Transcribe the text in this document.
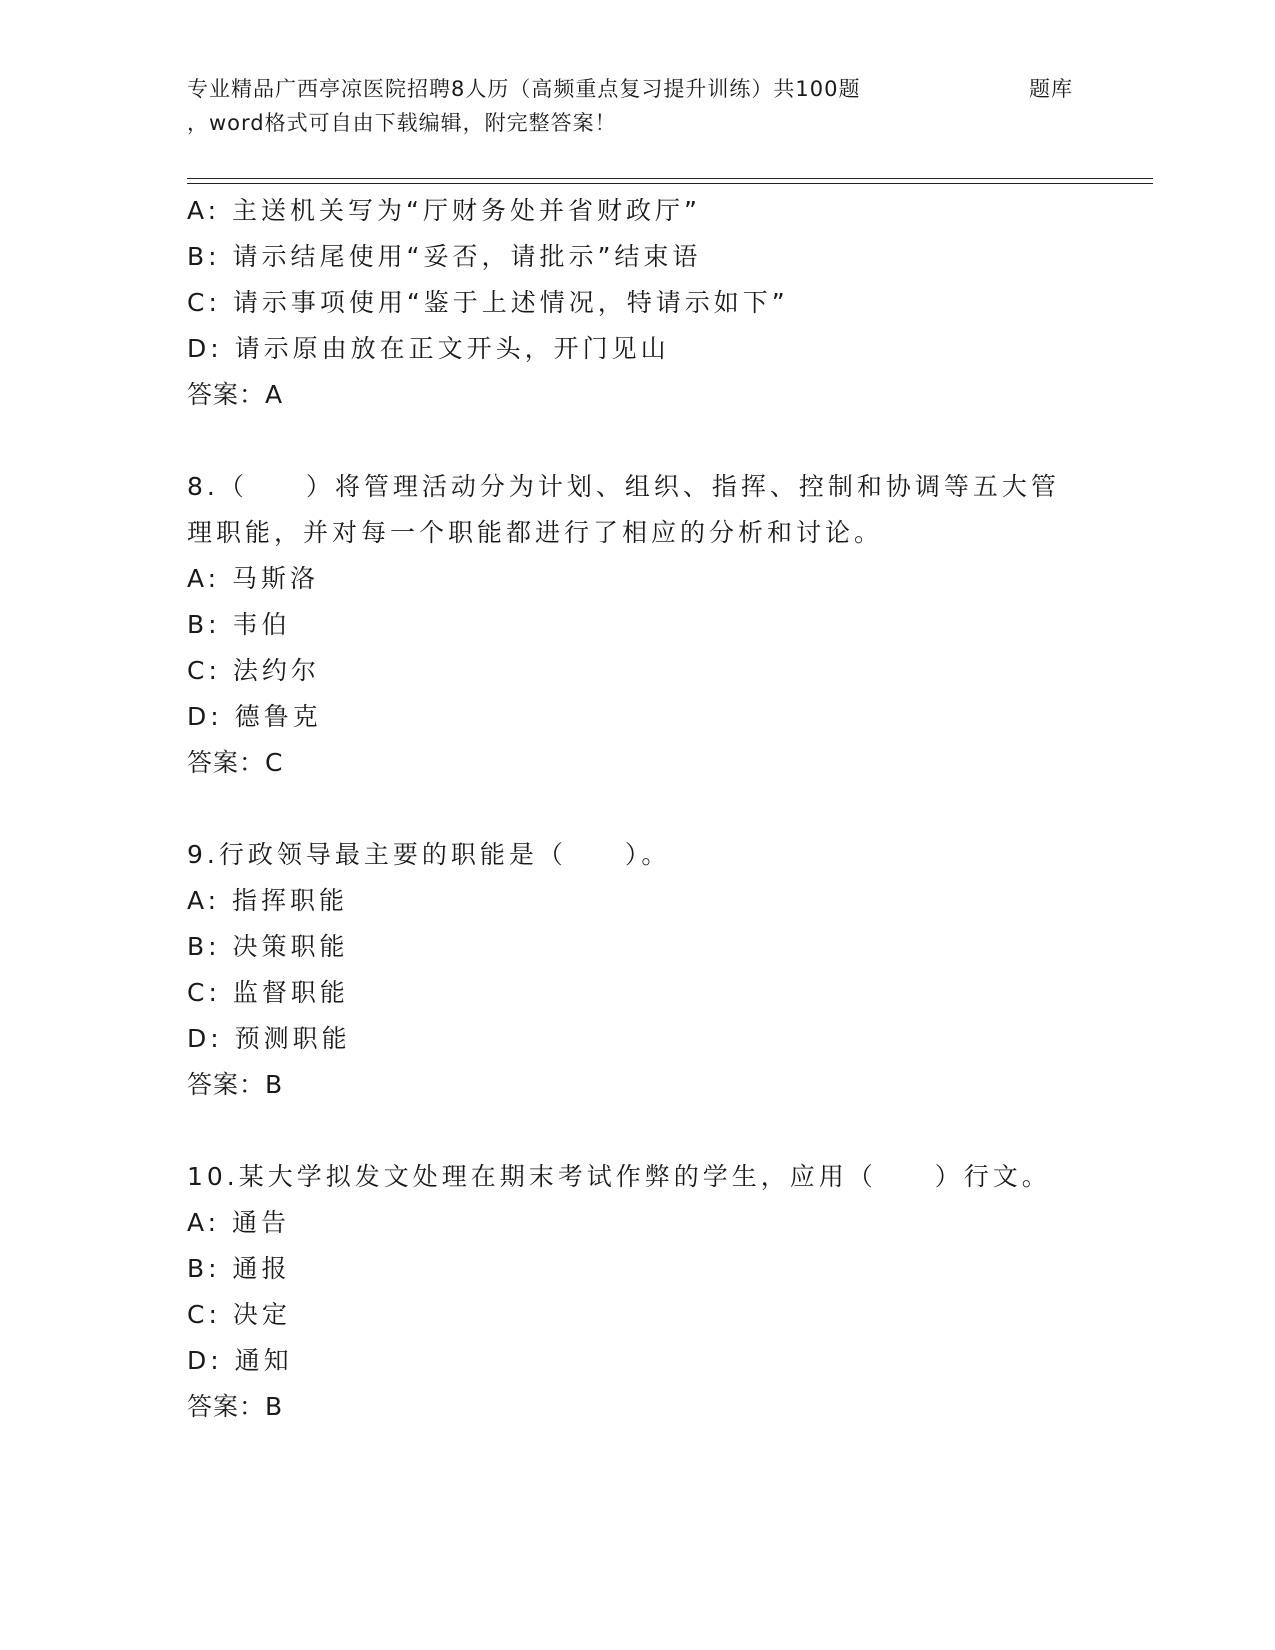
专业精品广西亭凉医院招聘8人历（高频重点复习提升训练）共100题	题库
，word格式可自由下载编辑，附完整答案！
A: 主送机关写为“厅财务处并省财政厅”
B: 请示结尾使用“妥否，请批示”结束语
C: 请示事项使用“鉴于上述情况，特请示如下”
D: 请示原由放在正文开头，开门见山
答案：A
8.（　　）将管理活动分为计划、组织、指挥、控制和协调等五大管
理职能，并对每一个职能都进行了相应的分析和讨论。
A: 马斯洛
B: 韦伯
C: 法约尔
D: 德鲁克
答案：C
9.行政领导最主要的职能是（　　）。
A: 指挥职能
B: 决策职能
C: 监督职能
D: 预测职能
答案：B
10.某大学拟发文处理在期末考试作弊的学生，应用（　　）行文。
A: 通告
B: 通报
C: 决定
D: 通知
答案：B
